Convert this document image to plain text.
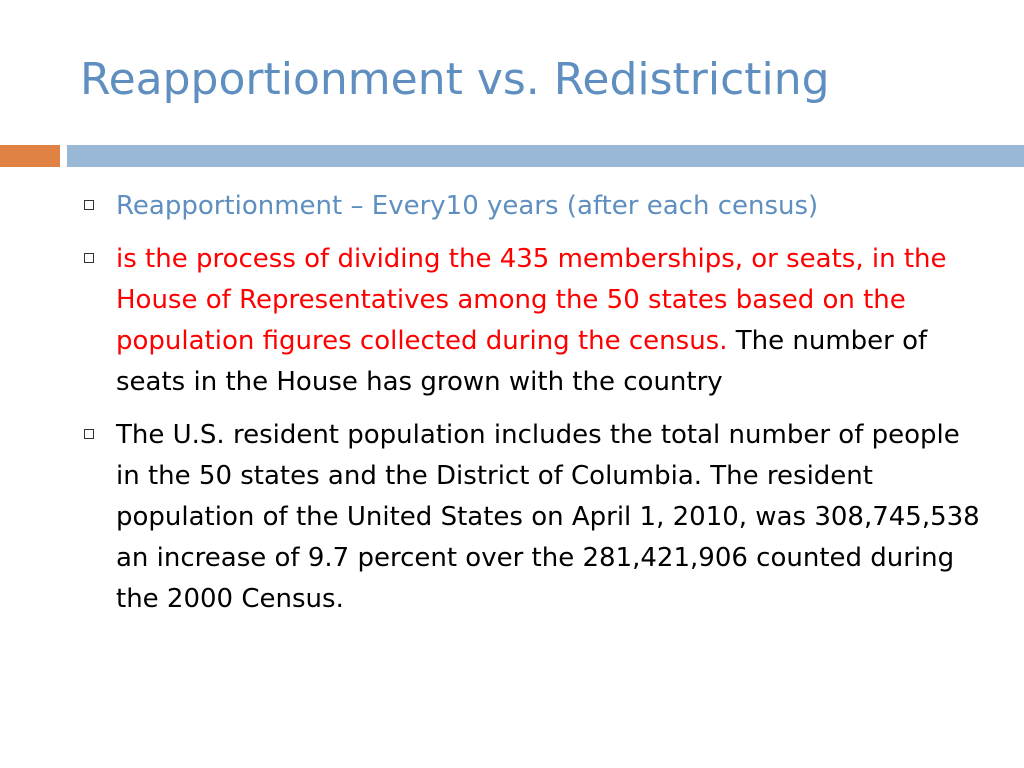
Reapportionment vs. Redistricting
Reapportionment – Every10 years (after each census)
is the process of dividing the 435 memberships, or seats, in the House of Representatives among the 50 states based on the population figures collected during the census. The number of seats in the House has grown with the country
The U.S. resident population includes the total number of people in the 50 states and the District of Columbia. The resident population of the United States on April 1, 2010, was 308,745,538 an increase of 9.7 percent over the 281,421,906 counted during the 2000 Census.
